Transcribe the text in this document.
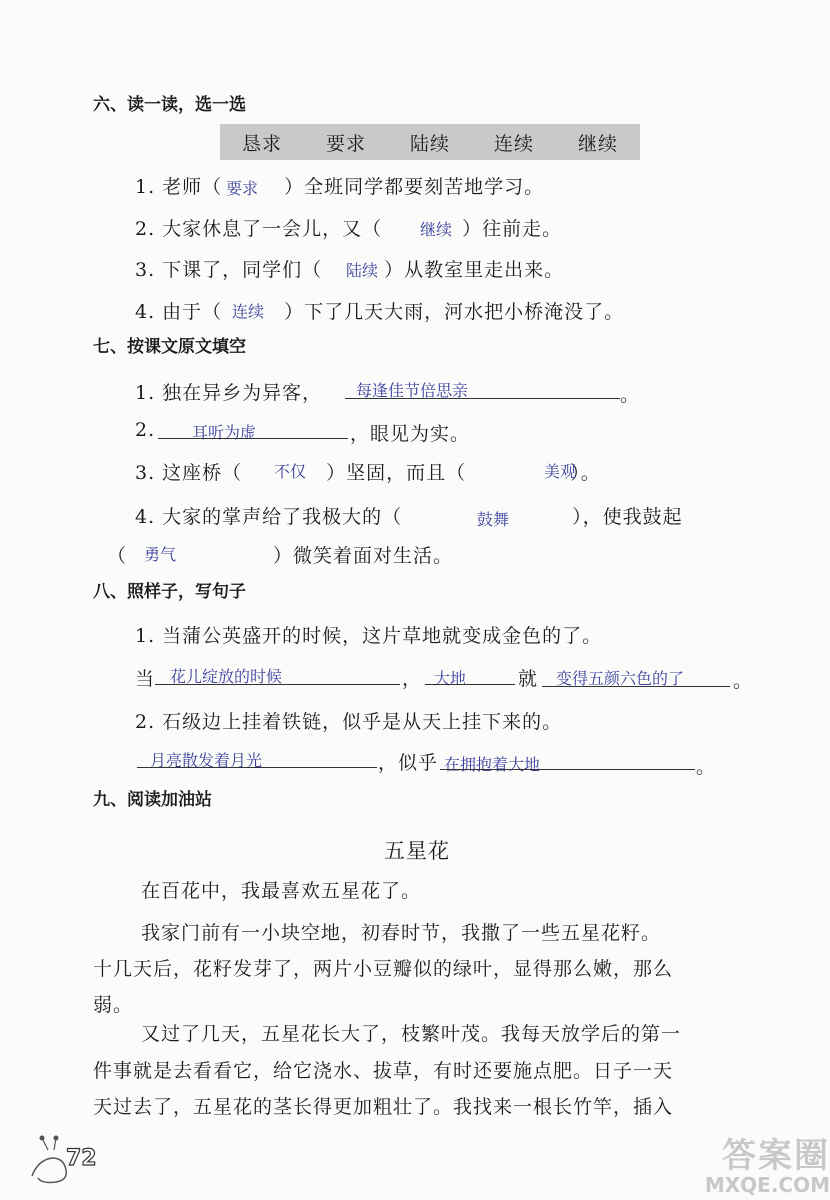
六、读一读，选一选
恳求 要求 陆续 连续 继续
1. 老师（	）全班同学都要刻苦地学习。
要求
2. 大家休息了一会儿，又（	）往前走。
继续
3. 下课了，同学们（	）从教室里走出来。
陆续
4. 由于（	）下了几天大雨，河水把小桥淹没了。
连续
七、按课文原文填空
1. 独在异乡为异客， 每逢佳节倍思亲	。
2. 耳听为虚	，眼见为实。
3. 这座桥（	）坚固，而且（	）。
不仅	美观
4. 大家的掌声给了我极大的（	），使我鼓起
鼓舞
（	）微笑着面对生活。
勇气
八、照样子，写句子
1. 当蒲公英盛开的时候，这片草地就变成金色的了。
当 花儿绽放的时候	， 大地	就 变得五颜六色的了	。
2. 石级边上挂着铁链，似乎是从天上挂下来的。
月亮散发着月光	，似乎 在拥抱着大地	。
九、阅读加油站
五星花
在百花中，我最喜欢五星花了。
我家门前有一小块空地，初春时节，我撒了一些五星花籽。
十几天后，花籽发芽了，两片小豆瓣似的绿叶，显得那么嫩，那么
弱。
又过了几天，五星花长大了，枝繁叶茂。我每天放学后的第一
件事就是去看看它，给它浇水、拔草，有时还要施点肥。日子一天
天过去了，五星花的茎长得更加粗壮了。我找来一根长竹竿，插入
72	答案圈
MXQE.COM
